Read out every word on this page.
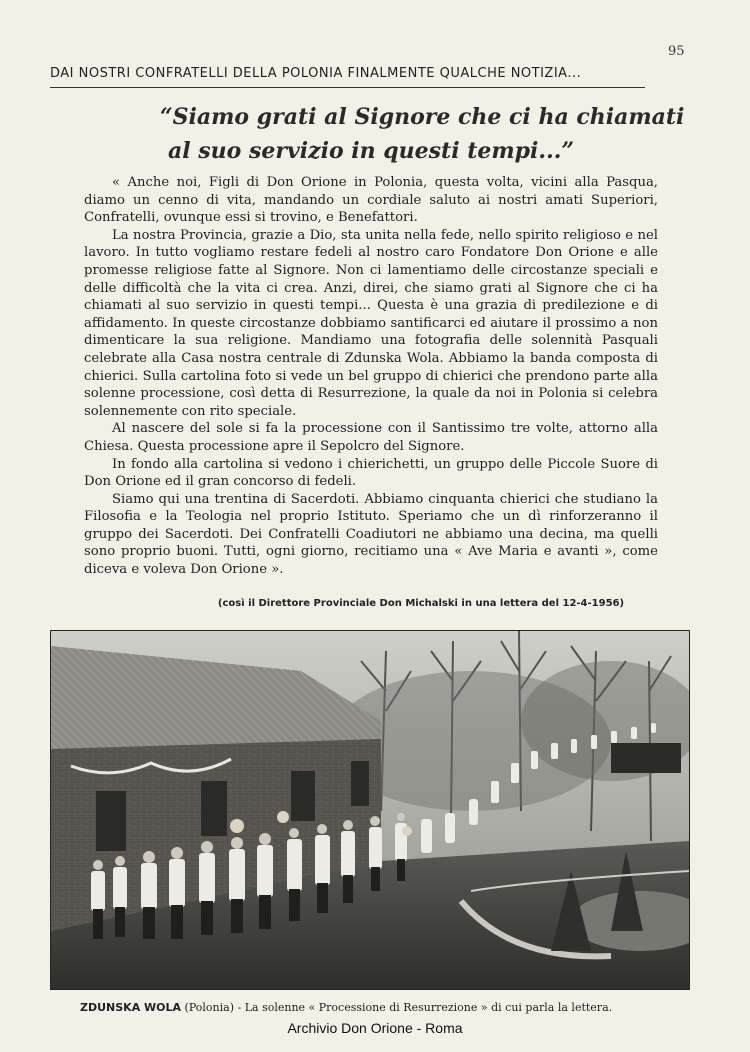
95
DAI NOSTRI CONFRATELLI DELLA POLONIA FINALMENTE QUALCHE NOTIZIA...
“Siamo grati al Signore che ci ha chiamati
al suo servizio in questi tempi...”

« Anche noi, Figli di Don Orione in Polonia, questa volta, vicini alla Pasqua, diamo un cenno di vita, mandando un cordiale saluto ai nostri amati Superiori, Confratelli, ovunque essi si trovino, e Benefattori.

La nostra Provincia, grazie a Dio, sta unita nella fede, nello spirito religioso e nel lavoro. In tutto vogliamo restare fedeli al nostro caro Fondatore Don Orione e alle promesse religiose fatte al Signore. Non ci lamentiamo delle circostanze speciali e delle difficoltà che la vita ci crea. Anzi, direi, che siamo grati al Signore che ci ha chiamati al suo servizio in questi tempi... Questa è una grazia di predilezione e di affidamento. In queste circostanze dobbiamo santificarci ed aiutare il prossimo a non dimenticare la sua religione. Mandiamo una fotografia delle solennità Pasquali celebrate alla Casa nostra centrale di Zdunska Wola. Abbiamo la banda composta di chierici. Sulla cartolina foto si vede un bel gruppo di chierici che prendono parte alla solenne processione, così detta di Resurrezione, la quale da noi in Polonia si celebra solennemente con rito speciale.

Al nascere del sole si fa la processione con il Santissimo tre volte, attorno alla Chiesa. Questa processione apre il Sepolcro del Signore.

In fondo alla cartolina si vedono i chierichetti, un gruppo delle Piccole Suore di Don Orione ed il gran concorso di fedeli.

Siamo qui una trentina di Sacerdoti. Abbiamo cinquanta chierici che studiano la Filosofia e la Teologia nel proprio Istituto. Speriamo che un dì rinforzeranno il gruppo dei Sacerdoti. Dei Confratelli Coadiutori ne abbiamo una decina, ma quelli sono proprio buoni. Tutti, ogni giorno, recitiamo una « Ave Maria e avanti », come diceva e voleva Don Orione ».

(così il Direttore Provinciale Don Michalski in una lettera del 12-4-1956)
ZDUNSKA WOLA (Polonia) - La solenne « Processione di Resurrezione » di cui parla la lettera.
Archivio Don Orione - Roma
